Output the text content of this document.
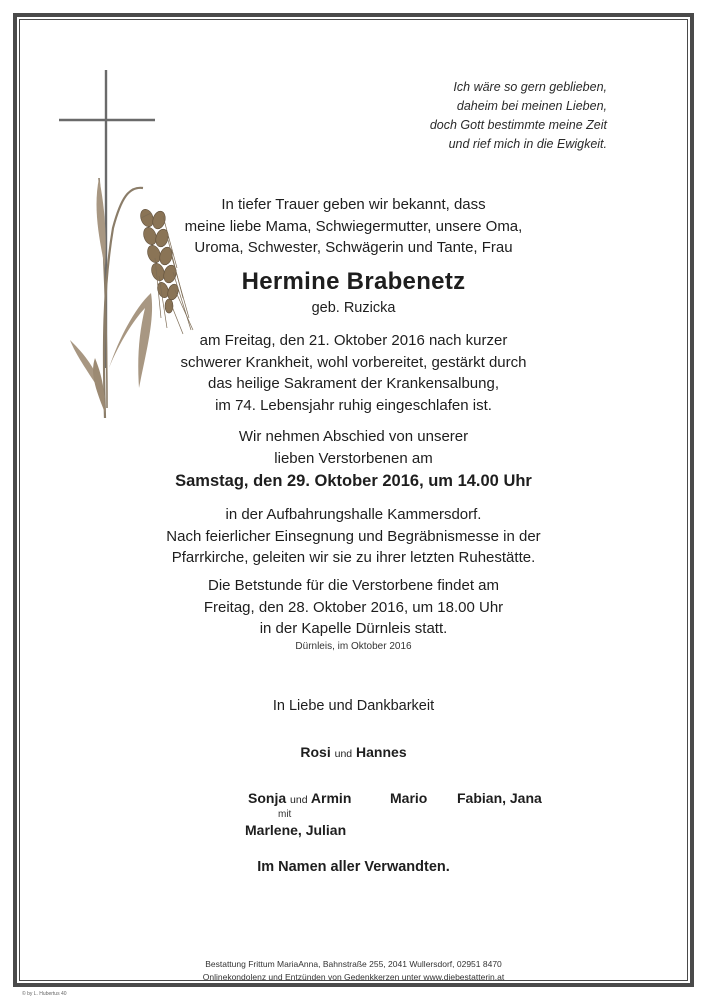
Ich wäre so gern geblieben,
daheim bei meinen Lieben,
doch Gott bestimmte meine Zeit
und rief mich in die Ewigkeit.
In tiefer Trauer geben wir bekannt, dass
meine liebe Mama, Schwiegermutter, unsere Oma,
Uroma, Schwester, Schwägerin und Tante, Frau
Hermine Brabenetz
geb. Ruzicka
am Freitag, den 21. Oktober 2016 nach kurzer
schwerer Krankheit, wohl vorbereitet, gestärkt durch
das heilige Sakrament der Krankensalbung,
im 74. Lebensjahr ruhig eingeschlafen ist.
Wir nehmen Abschied von unserer
lieben Verstorbenen am
Samstag, den 29. Oktober 2016, um 14.00 Uhr
in der Aufbahrungshalle Kammersdorf.
Nach feierlicher Einsegnung und Begräbnismesse in der
Pfarrkirche, geleiten wir sie zu ihrer letzten Ruhestätte.
Die Betstunde für die Verstorbene findet am
Freitag, den 28. Oktober 2016, um 18.00 Uhr
in der Kapelle Dürnleis statt.
Dürnleis, im Oktober 2016
In Liebe und Dankbarkeit
Rosi und Hannes
Sonja und Armin	Mario Fabian, Jana
mit
Marlene, Julian
Im Namen aller Verwandten.
Bestattung Frittum MariaAnna, Bahnstraße 255, 2041 Wullersdorf, 02951 8470
Onlinekondolenz und Entzünden von Gedenkkerzen unter www.diebestatterin.at
© by L. Hubertus 40
